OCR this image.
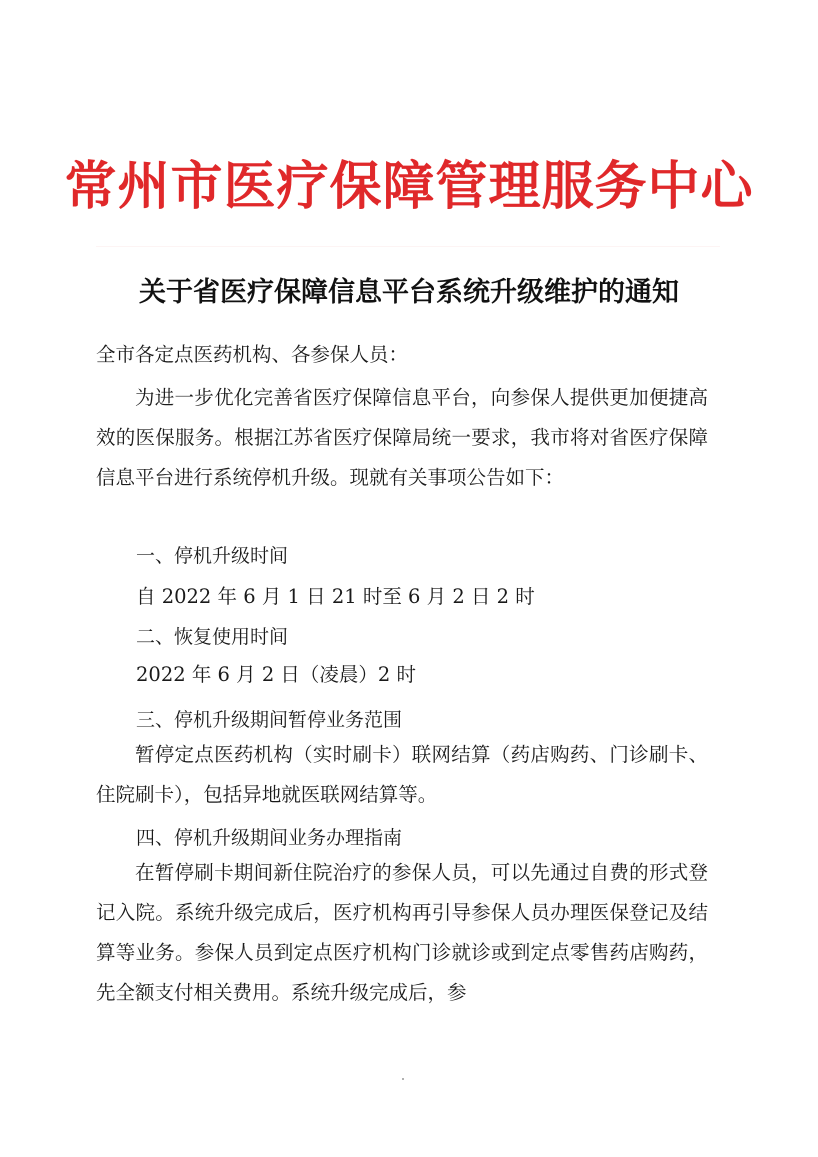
常州市医疗保障管理服务中心
关于省医疗保障信息平台系统升级维护的通知
全市各定点医药机构、各参保人员：
为进一步优化完善省医疗保障信息平台，向参保人提供更加便捷高效的医保服务。根据江苏省医疗保障局统一要求，我市将对省医疗保障信息平台进行系统停机升级。现就有关事项公告如下：
一、停机升级时间
自 2022 年 6 月 1 日 21 时至 6 月 2 日 2 时
二、恢复使用时间
2022 年 6 月 2 日（凌晨）2 时
三、停机升级期间暂停业务范围
暂停定点医药机构（实时刷卡）联网结算（药店购药、门诊刷卡、住院刷卡），包括异地就医联网结算等。
四、停机升级期间业务办理指南
在暂停刷卡期间新住院治疗的参保人员，可以先通过自费的形式登记入院。系统升级完成后，医疗机构再引导参保人员办理医保登记及结算等业务。参保人员到定点医疗机构门诊就诊或到定点零售药店购药，先全额支付相关费用。系统升级完成后，参
